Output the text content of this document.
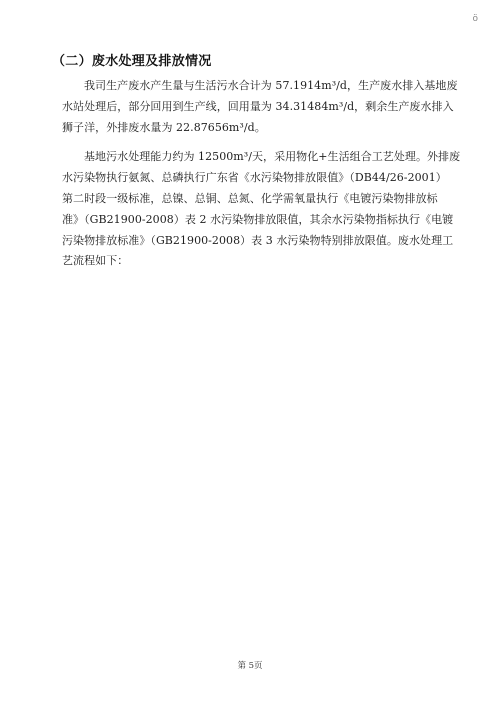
ö
（二）废水处理及排放情况
我司生产废水产生量与生活污水合计为 57.1914m³/d，生产废水排入基地废
水站处理后，部分回用到生产线，回用量为 34.31484m³/d，剩余生产废水排入
狮子洋，外排废水量为 22.87656m³/d。
基地污水处理能力约为 12500m³/天，采用物化+生活组合工艺处理。外排废
水污染物执行氨氮、总磷执行广东省《水污染物排放限值》（DB44/26-2001）
第二时段一级标准，总镍、总铜、总氮、化学需氧量执行《电镀污染物排放标
准》（GB21900-2008）表 2 水污染物排放限值，其余水污染物指标执行《电镀
污染物排放标准》（GB21900-2008）表 3 水污染物特别排放限值。废水处理工
艺流程如下：
第 5页
